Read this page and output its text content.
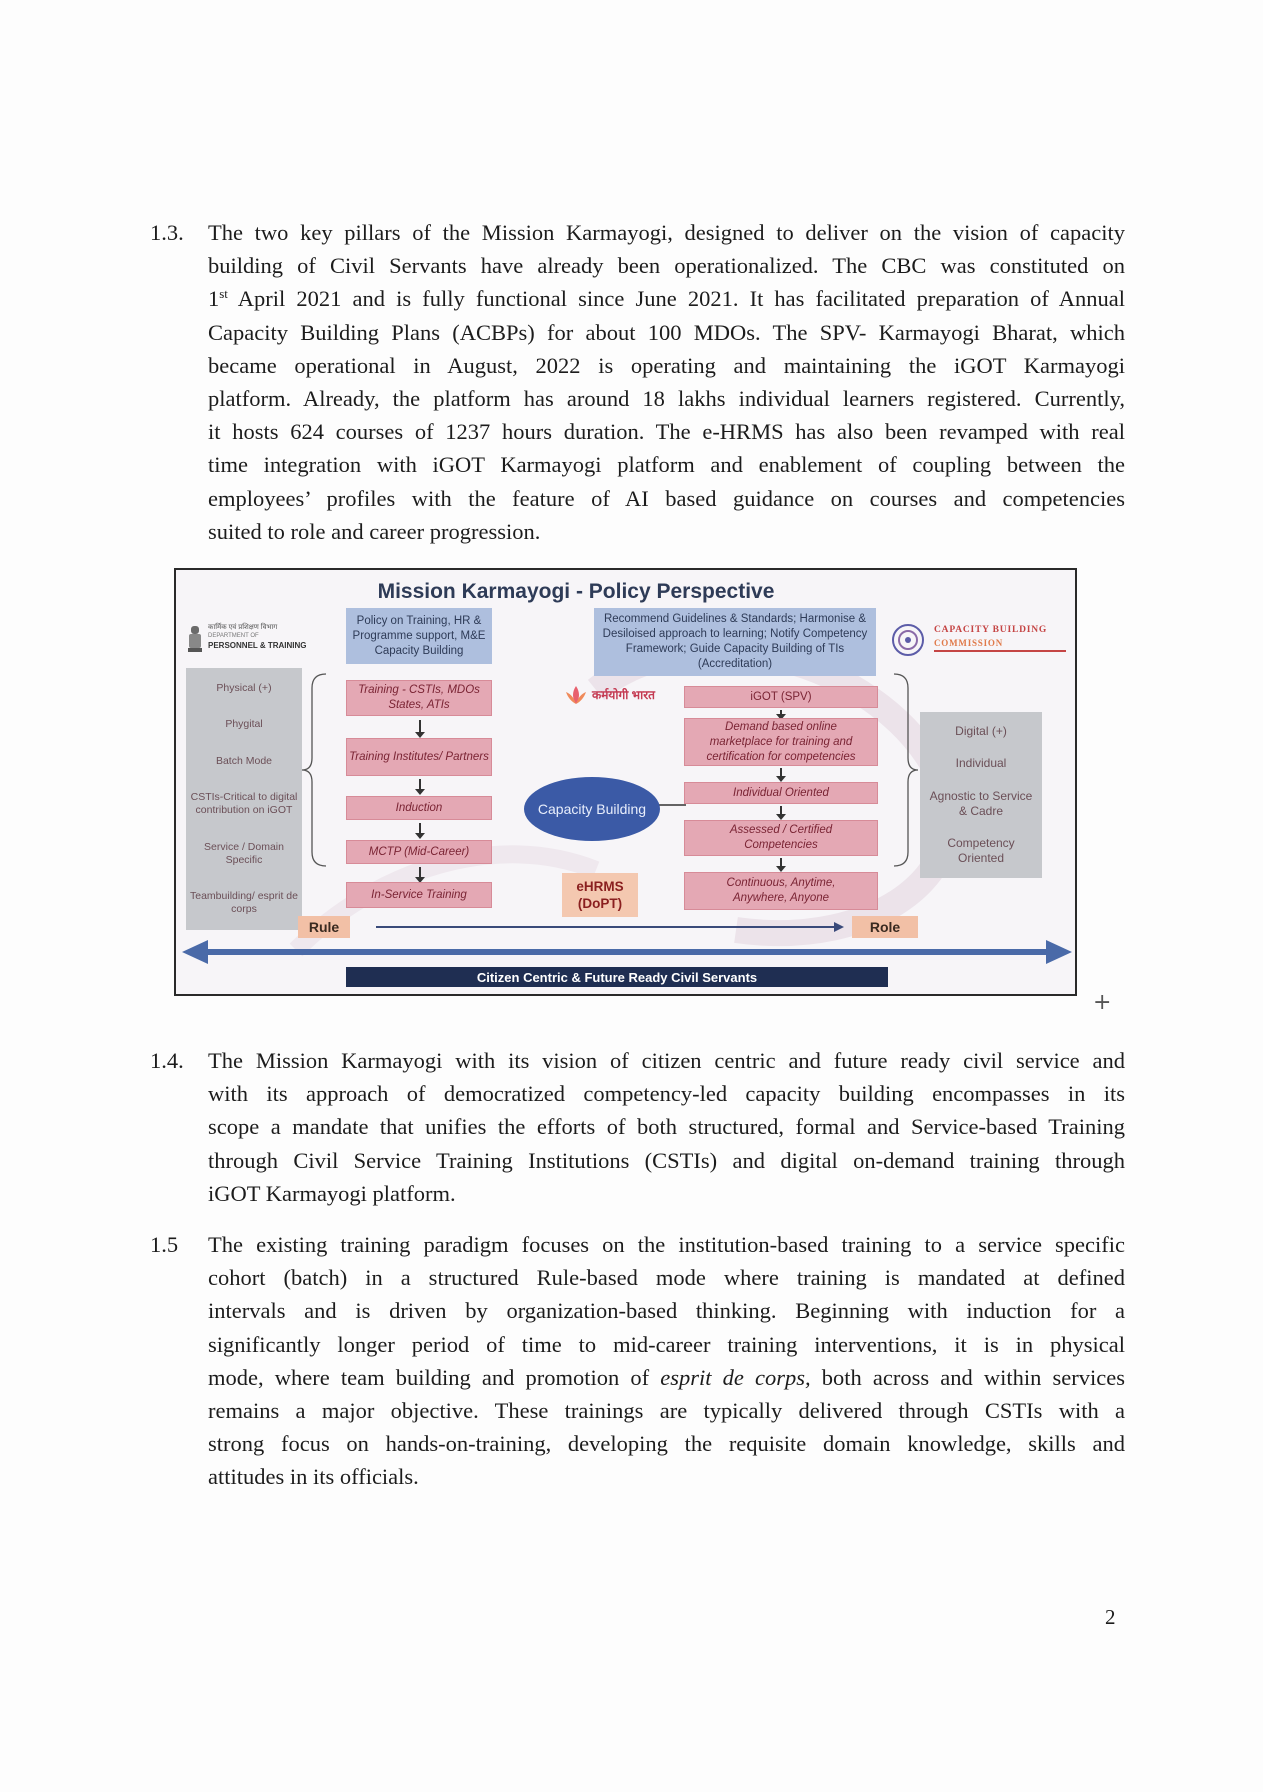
1.3.	The two key pillars of the Mission Karmayogi, designed to deliver on the vision of capacity
building of Civil Servants have already been operationalized. The CBC was constituted on
1st April 2021 and is fully functional since June 2021. It has facilitated preparation of Annual
Capacity Building Plans (ACBPs) for about 100 MDOs. The SPV- Karmayogi Bharat, which
became operational in August, 2022 is operating and maintaining the iGOT Karmayogi
platform. Already, the platform has around 18 lakhs individual learners registered. Currently,
it hosts 624 courses of 1237 hours duration. The e-HRMS has also been revamped with real
time integration with iGOT Karmayogi platform and enablement of coupling between the
employees’ profiles with the feature of AI based guidance on courses and competencies
suited to role and career progression.
Mission Karmayogi - Policy Perspective
कार्मिक एवं प्रशिक्षण विभाग
DEPARTMENT OF
PERSONNEL & TRAINING
Policy on Training, HR & Programme support, M&E Capacity Building
Recommend Guidelines & Standards; Harmonise & Desiloised approach to learning; Notify Competency Framework; Guide Capacity Building of TIs (Accreditation)
CAPACITY BUILDING
COMMISSION
Physical (+)
Phygital
Batch Mode
CSTIs-Critical to digital contribution on iGOT
Service / Domain Specific
Teambuilding/ esprit de corps
Training - CSTIs, MDOs States, ATIs
Training Institutes/ Partners
Induction
MCTP (Mid-Career)
In-Service Training
कर्मयोगी भारत
Capacity Building
eHRMS (DoPT)
iGOT (SPV)
Demand based online marketplace for training and certification for competencies
Individual Oriented
Assessed / Certified Competencies
Continuous, Anytime, Anywhere, Anyone
Digital (+)
Individual
Agnostic to Service & Cadre
Competency Oriented
Rule	Role
Citizen Centric & Future Ready Civil Servants
+
1.4.	The Mission Karmayogi with its vision of citizen centric and future ready civil service and
with its approach of democratized competency-led capacity building encompasses in its
scope a mandate that unifies the efforts of both structured, formal and Service-based Training
through Civil Service Training Institutions (CSTIs) and digital on-demand training through
iGOT Karmayogi platform.
1.5	The existing training paradigm focuses on the institution-based training to a service specific
cohort (batch) in a structured Rule-based mode where training is mandated at defined
intervals and is driven by organization-based thinking. Beginning with induction for a
significantly longer period of time to mid-career training interventions, it is in physical
mode, where team building and promotion of esprit de corps, both across and within services
remains a major objective. These trainings are typically delivered through CSTIs with a
strong focus on hands-on-training, developing the requisite domain knowledge, skills and
attitudes in its officials.
2
